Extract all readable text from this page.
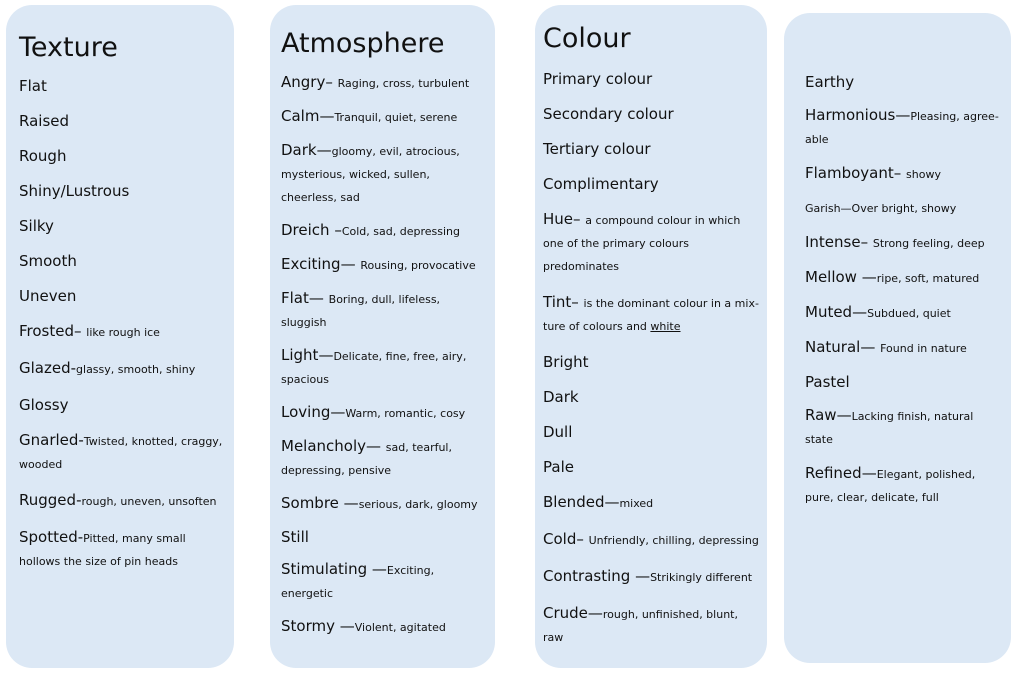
Texture
Flat
Raised
Rough
Shiny/Lustrous
Silky
Smooth
Uneven
Frosted– like rough ice
Glazed-glassy, smooth, shiny
Glossy
Gnarled-Twisted, knotted, craggy, wooded
Rugged-rough, uneven, unsoften
Spotted-Pitted, many small hollows the size of pin heads
Atmosphere
Angry– Raging, cross, turbulent
Calm—Tranquil, quiet, serene
Dark—gloomy, evil, atrocious, mysterious, wicked, sullen, cheerless, sad
Dreich –Cold, sad, depressing
Exciting— Rousing, provocative
Flat— Boring, dull, lifeless, sluggish
Light—Delicate, fine, free, airy, spacious
Loving—Warm, romantic, cosy
Melancholy— sad, tearful, depressing, pensive
Sombre —serious, dark, gloomy
Still
Stimulating —Exciting, energetic
Stormy —Violent, agitated
Colour
Primary colour
Secondary colour
Tertiary colour
Complimentary
Hue– a compound colour in which one of the primary colours predominates
Tint– is the dominant colour in a mix-ture of colours and white
Bright
Dark
Dull
Pale
Blended—mixed
Cold– Unfriendly, chilling, depressing
Contrasting —Strikingly different
Crude—rough, unfinished, blunt, raw
Earthy
Harmonious—Pleasing, agree-able
Flamboyant– showy
Garish—Over bright, showy
Intense– Strong feeling, deep
Mellow —ripe, soft, matured
Muted—Subdued, quiet
Natural— Found in nature
Pastel
Raw—Lacking finish, natural state
Refined—Elegant, polished, pure, clear, delicate, full
